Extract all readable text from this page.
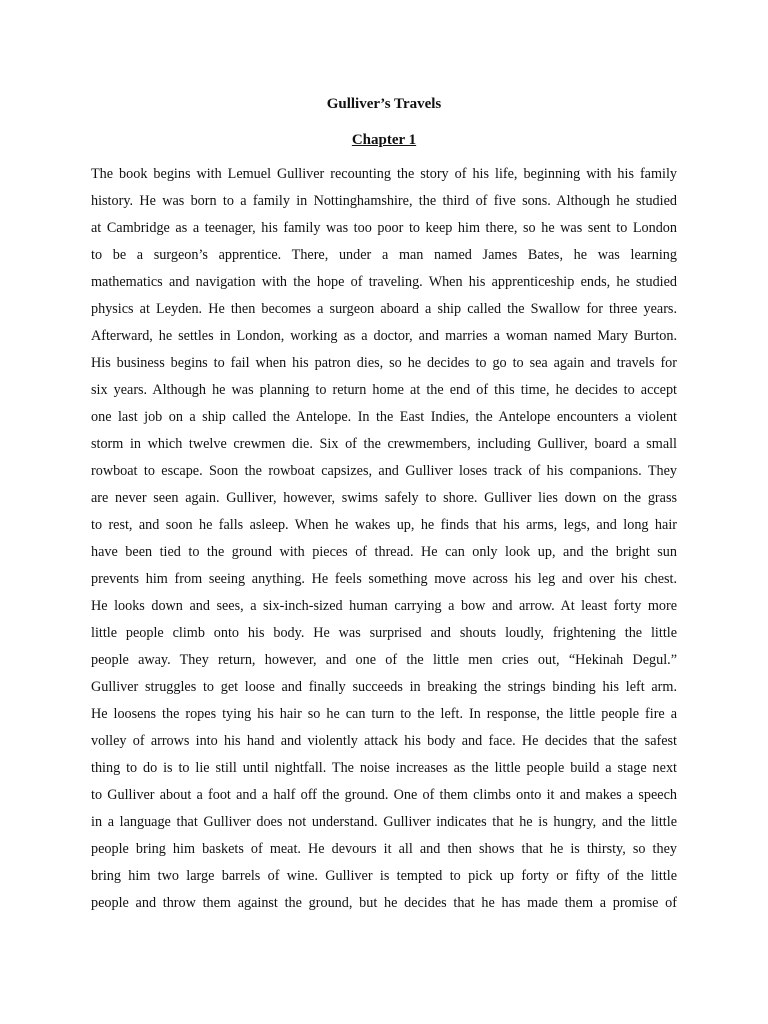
Gulliver’s Travels
Chapter 1
The book begins with Lemuel Gulliver recounting the story of his life, beginning with his family
history. He was born to a family in Nottinghamshire, the third of five sons. Although he studied
at Cambridge as a teenager, his family was too poor to keep him there, so he was sent to London
to be a surgeon’s apprentice. There, under a man named James Bates, he was learning
mathematics and navigation with the hope of traveling. When his apprenticeship ends, he studied
physics at Leyden. He then becomes a surgeon aboard a ship called the Swallow for three years.
Afterward, he settles in London, working as a doctor, and marries a woman named Mary Burton.
His business begins to fail when his patron dies, so he decides to go to sea again and travels for
six years. Although he was planning to return home at the end of this time, he decides to accept
one last job on a ship called the Antelope. In the East Indies, the Antelope encounters a violent
storm in which twelve crewmen die. Six of the crewmembers, including Gulliver, board a small
rowboat to escape. Soon the rowboat capsizes, and Gulliver loses track of his companions. They
are never seen again. Gulliver, however, swims safely to shore. Gulliver lies down on the grass
to rest, and soon he falls asleep. When he wakes up, he finds that his arms, legs, and long hair
have been tied to the ground with pieces of thread. He can only look up, and the bright sun
prevents him from seeing anything. He feels something move across his leg and over his chest.
He looks down and sees, a six-inch-sized human carrying a bow and arrow. At least forty more
little people climb onto his body. He was surprised and shouts loudly, frightening the little
people away. They return, however, and one of the little men cries out, “Hekinah Degul.”
Gulliver struggles to get loose and finally succeeds in breaking the strings binding his left arm.
He loosens the ropes tying his hair so he can turn to the left. In response, the little people fire a
volley of arrows into his hand and violently attack his body and face. He decides that the safest
thing to do is to lie still until nightfall. The noise increases as the little people build a stage next
to Gulliver about a foot and a half off the ground. One of them climbs onto it and makes a speech
in a language that Gulliver does not understand. Gulliver indicates that he is hungry, and the little
people bring him baskets of meat. He devours it all and then shows that he is thirsty, so they
bring him two large barrels of wine. Gulliver is tempted to pick up forty or fifty of the little
people and throw them against the ground, but he decides that he has made them a promise of
